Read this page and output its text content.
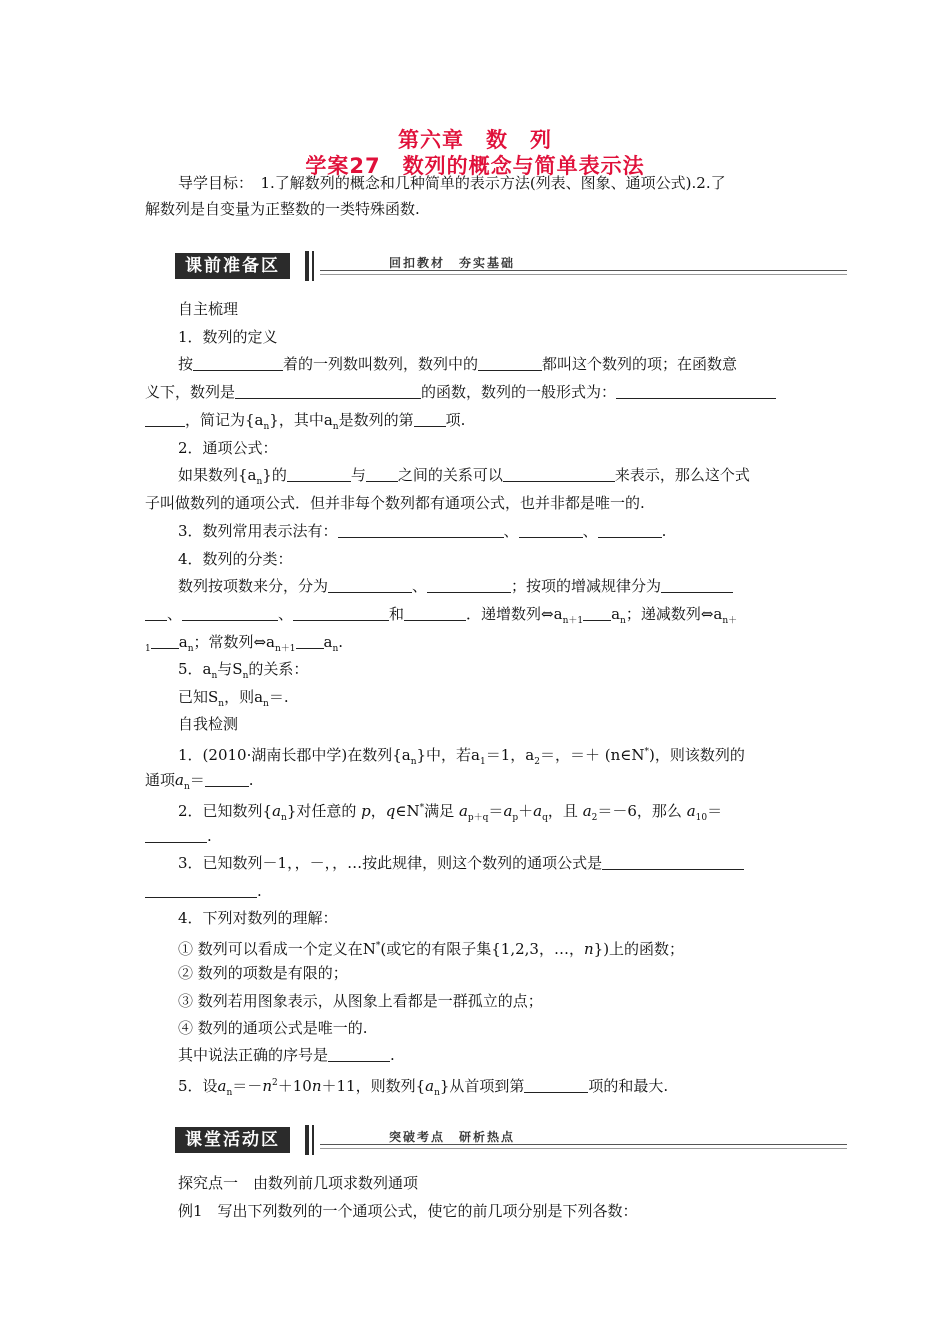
第六章　数　列
学案27　数列的概念与简单表示法
导学目标：　1.了解数列的概念和几种简单的表示方法(列表、图象、通项公式).2.了
解数列是自变量为正整数的一类特殊函数.
课前准备区	回扣教材　夯实基础
自主梳理
1．数列的定义
按	着的一列数叫数列，数列中的	都叫这个数列的项；在函数意
义下，数列是	的函数，数列的一般形式为：
，简记为$\{a_n\}$，其中$a_n$是数列的第 项.
2．通项公式：
如果数列$\{a_n\}$的	与 之间的关系可以	来表示，那么这个式
子叫做数列的通项公式．但并非每个数列都有通项公式，也并非都是唯一的.
3．数列常用表示法有：	、	、	.
4．数列的分类：
数列按项数来分，分为	、	；按项的增减规律分为
、	、	和	．递增数列$\Leftrightarrow a_{n+1}$ $a_n$；递减数列$\Leftrightarrow a_{n+}$
$_1$ $a_n$；常数列$\Leftrightarrow a_{n+1}$ $a_n$.
5．$a_n$与$S_n$的关系：
已知$S_n$，则$a_n=$.
自我检测
1．(2010·湖南长郡中学)在数列$\{a_n\}$中，若$a_1=1$，$a_2=$，＝＋ (n∈N*)，则该数列的
通项$a_n=$	.
2．已知数列$\{a_n\}$对任意的 p，q∈N*满足 $a_{p+q}=a_p+a_q$，且 $a_2=-6$，那么 $a_{10}=$
.
3．已知数列－1，，－，，…按此规律，则这个数列的通项公式是
.
4．下列对数列的理解：
① 数列可以看成一个定义在N*(或它的有限子集{1,2,3，…，n})上的函数；
② 数列的项数是有限的；
③ 数列若用图象表示，从图象上看都是一群孤立的点；
④ 数列的通项公式是唯一的.
其中说法正确的序号是	.
5．设$a_n=-n^2+10n+11$，则数列$\{a_n\}$从首项到第	项的和最大.
课堂活动区	突破考点　研析热点
探究点一　由数列前几项求数列通项
例1　写出下列数列的一个通项公式，使它的前几项分别是下列各数：
